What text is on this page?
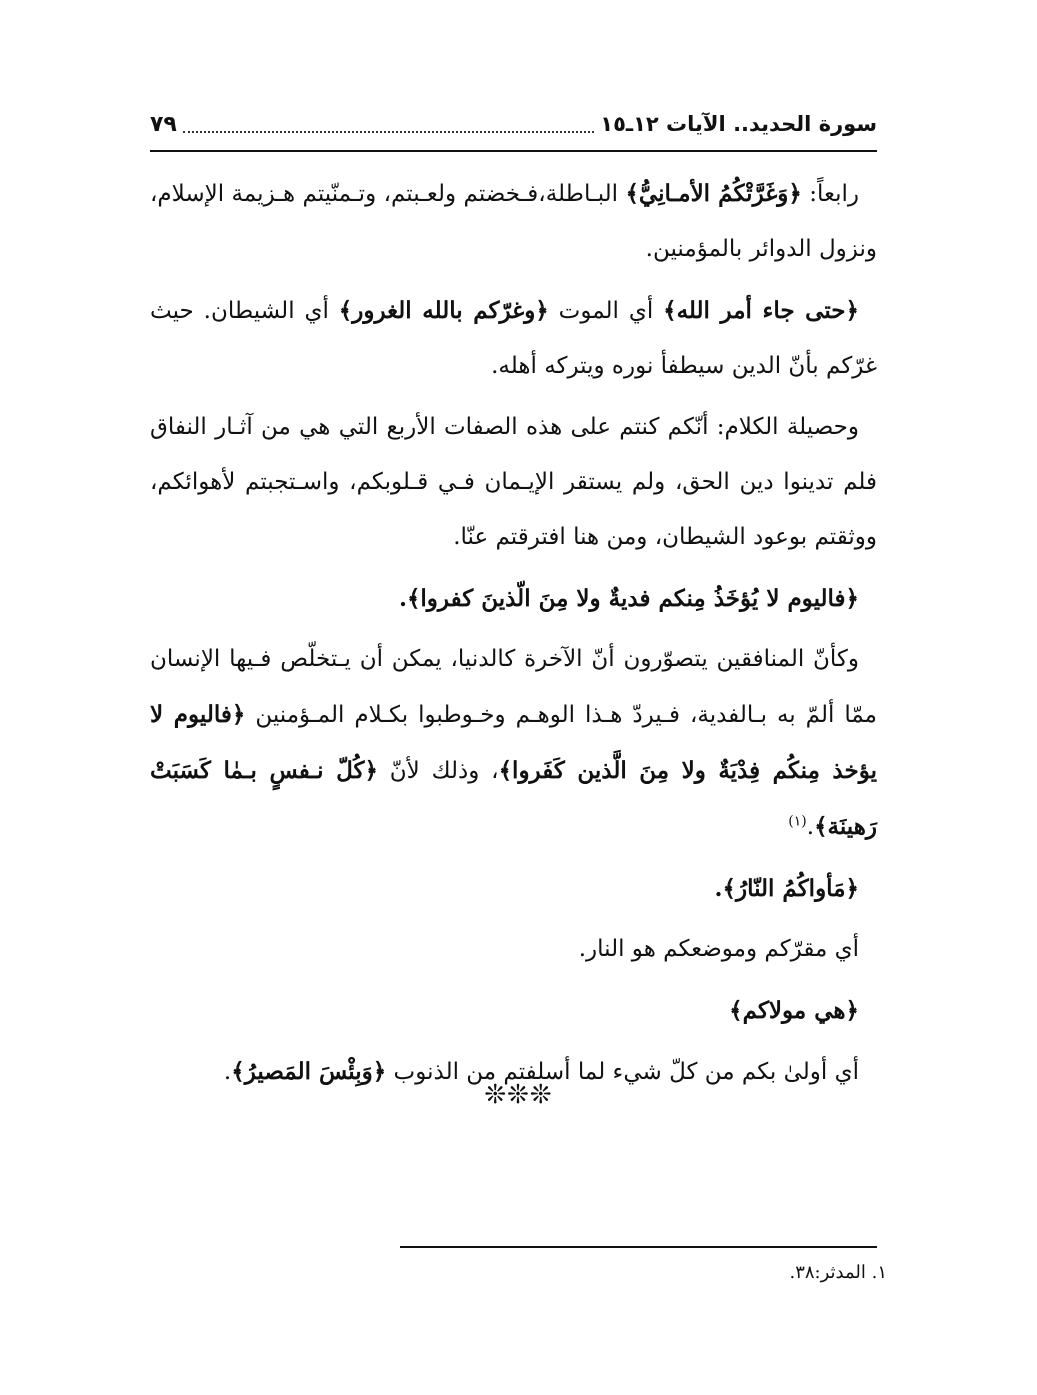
سورة الحديد.. الآيات ١٢ـ١٥
٧٩

رابعاً: ﴿وَغَرَّتْكُمُ الأمـانِيُّ﴾ البـاطلة،فـخضتم ولعـبتم، وتـمنّيتم هـزيمة الإسلام، ونزول الدوائر بالمؤمنين.

﴿حتى جاء أمر الله﴾ أي الموت ﴿وغرّكم بالله الغرور﴾ أي الشيطان. حيث غرّكم بأنّ الدين سيطفأ نوره ويتركه أهله.

وحصيلة الكلام: أنّكم كنتم على هذه الصفات الأربع التي هي من آثـار النفاق فلم تدينوا دين الحق، ولم يستقر الإيـمان فـي قـلوبكم، واسـتجبتم لأهوائكم، ووثقتم بوعود الشيطان، ومن هنا افترقتم عنّا.

﴿فاليوم لا يُؤخَذُ مِنكم فديةٌ ولا مِنَ الّذينَ كفروا﴾.

وكأنّ المنافقين يتصوّرون أنّ الآخرة كالدنيا، يمكن أن يـتخلّص فـيها الإنسان ممّا ألمّ به بـالفدية، فـيردّ هـذا الوهـم وخـوطبوا بكـلام المـؤمنين ﴿فاليوم لا يؤخذ مِنكُم فِدْيَةٌ ولا مِنَ الَّذين كَفَروا﴾، وذلك لأنّ ﴿كُلّ نـفسٍ بـمٰا كَسَبَتْ رَهينَة﴾.$^{(١)}$

﴿مَأواكُمُ النّارُ﴾.

أي مقرّكم وموضعكم هو النار.

﴿هي مولاكم﴾

أي أولىٰ بكم من كلّ شيء لما أسلفتم من الذنوب ﴿وَبِئْسَ المَصيرُ﴾.

❊❊❊
١. المدثر:٣٨.
